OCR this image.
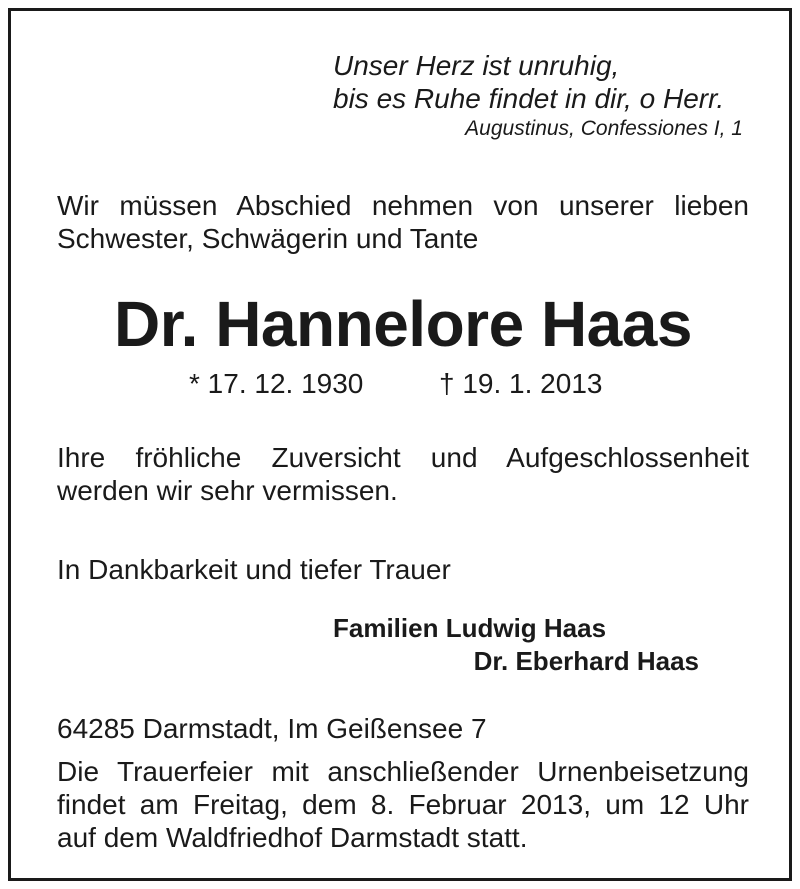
Unser Herz ist unruhig,
bis es Ruhe findet in dir, o Herr.
Augustinus, Confessiones I, 1
Wir müssen Abschied nehmen von unserer lieben
Schwester, Schwägerin und Tante
Dr. Hannelore Haas
* 17. 12. 1930	† 19. 1. 2013
Ihre fröhliche Zuversicht und Aufgeschlossenheit
werden wir sehr vermissen.
In Dankbarkeit und tiefer Trauer
Familien Ludwig Haas
Dr. Eberhard Haas
64285 Darmstadt, Im Geißensee 7
Die Trauerfeier mit anschließender Urnenbeisetzung
findet am Freitag, dem 8. Februar 2013, um 12 Uhr
auf dem Waldfriedhof Darmstadt statt.
